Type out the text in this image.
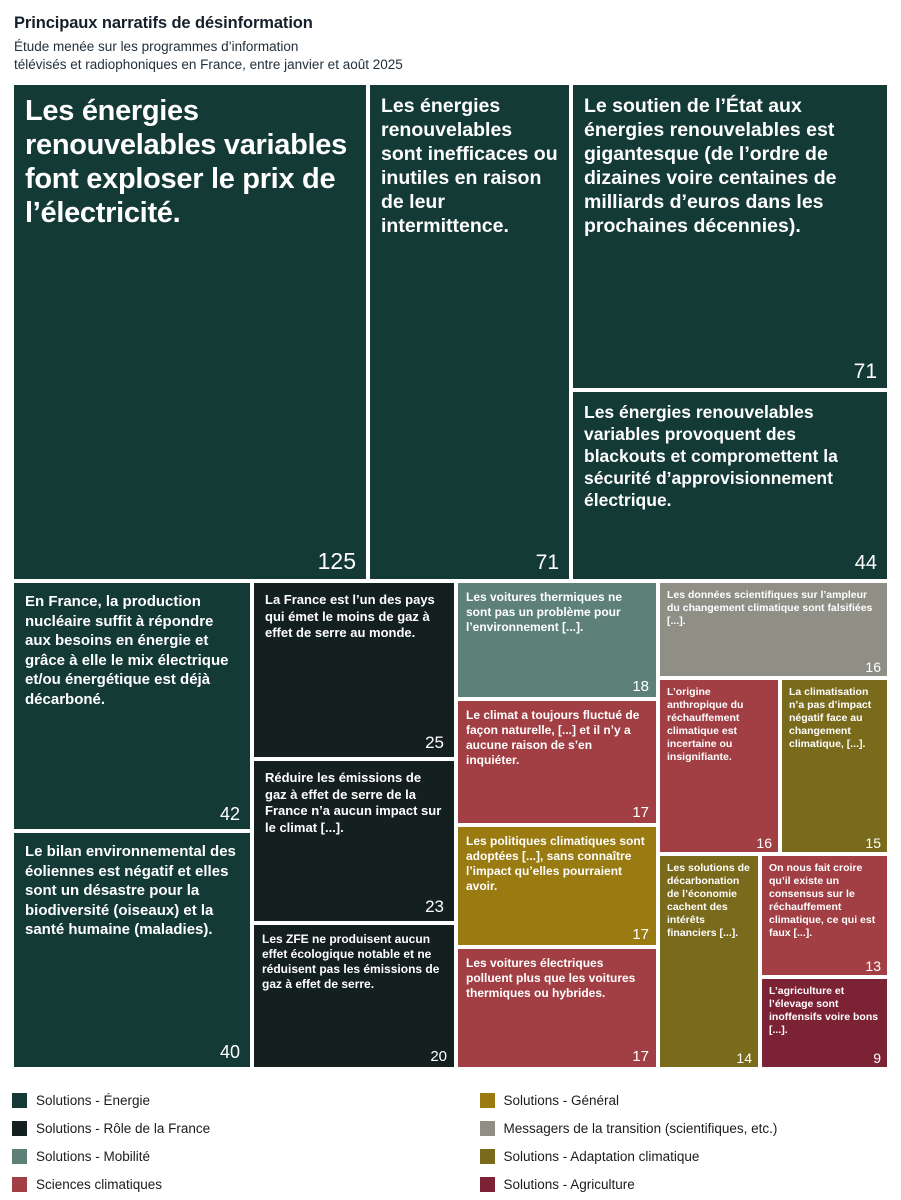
Principaux narratifs de désinformation
Étude menée sur les programmes d’information
télévisés et radiophoniques en France, entre janvier et août 2025
Les énergies renouvelables variables font exploser le prix de l’électricité.
125
Les énergies renouvelables sont inefficaces ou inutiles en raison de leur intermittence.
71
Le soutien de l’État aux énergies renouvelables est gigantesque (de l’ordre de dizaines voire centaines de milliards d’euros dans les prochaines décennies).
71
Les énergies renouvelables variables provoquent des blackouts et compromettent la sécurité d’approvisionnement électrique.
44
En France, la production nucléaire suffit à répondre aux besoins en énergie et grâce à elle le mix électrique et/ou énergétique est déjà décarboné.
42
Le bilan environnemental des éoliennes est négatif et elles sont un désastre pour la biodiversité (oiseaux) et la santé humaine (maladies).
40
La France est l’un des pays qui émet le moins de gaz à effet de serre au monde.
25
Réduire les émissions de gaz à effet de serre de la France n’a aucun impact sur le climat [...].
23
Les ZFE ne produisent aucun effet écologique notable et ne réduisent pas les émissions de gaz à effet de serre.
20
Les voitures thermiques ne sont pas un problème pour l’environnement [...].
18
Le climat a toujours fluctué de façon naturelle, [...] et il n’y a aucune raison de s’en inquiéter.
17
Les politiques climatiques sont adoptées [...], sans connaître l’impact qu’elles pourraient avoir.
17
Les voitures électriques polluent plus que les voitures thermiques ou hybrides.
17
Les données scientifiques sur l’ampleur du changement climatique sont falsifiées [...].
16
L’origine anthropique du réchauffement climatique est incertaine ou insignifiante.
16
La climatisation n’a pas d’impact négatif face au changement climatique, [...].
15
Les solutions de décarbonation de l’économie cachent des intérêts financiers [...].
14
On nous fait croire qu’il existe un consensus sur le réchauffement climatique, ce qui est faux [...].
13
L’agriculture et l’élevage sont inoffensifs voire bons [...].
9
Solutions - Énergie
Solutions - Rôle de la France
Solutions - Mobilité
Sciences climatiques
Solutions - Général
Messagers de la transition (scientifiques, etc.)
Solutions - Adaptation climatique
Solutions - Agriculture
